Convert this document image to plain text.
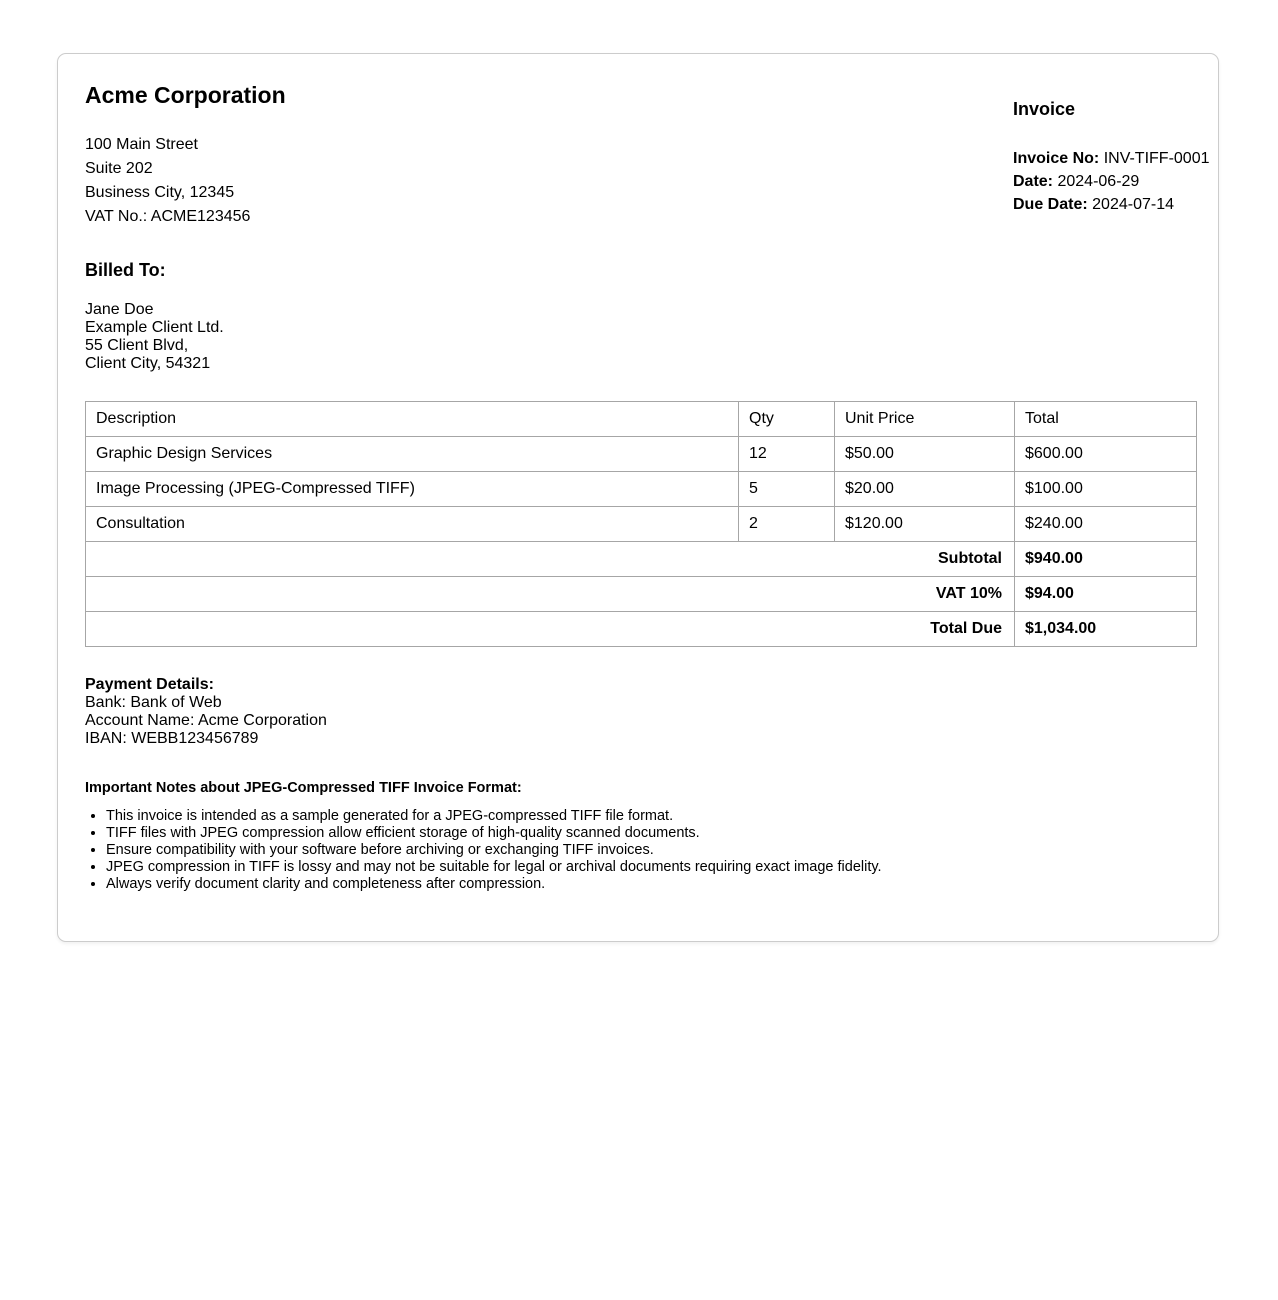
Acme Corporation
100 Main Street
Suite 202
Business City, 12345
VAT No.: ACME123456
Invoice
Invoice No: INV-TIFF-0001
Date: 2024-06-29
Due Date: 2024-07-14
Billed To:
Jane Doe
Example Client Ltd.
55 Client Blvd,
Client City, 54321
Description	Qty	Unit Price	Total
Graphic Design Services	12	$50.00	$600.00
Image Processing (JPEG-Compressed TIFF)	5	$20.00	$100.00
Consultation	2	$120.00	$240.00
Subtotal			$940.00
VAT 10%			$94.00
Total Due			$1,034.00
Payment Details:
Bank: Bank of Web
Account Name: Acme Corporation
IBAN: WEBB123456789
Important Notes about JPEG-Compressed TIFF Invoice Format:
• This invoice is intended as a sample generated for a JPEG-compressed TIFF file format.
• TIFF files with JPEG compression allow efficient storage of high-quality scanned documents.
• Ensure compatibility with your software before archiving or exchanging TIFF invoices.
• JPEG compression in TIFF is lossy and may not be suitable for legal or archival documents requiring exact image fidelity.
• Always verify document clarity and completeness after compression.
